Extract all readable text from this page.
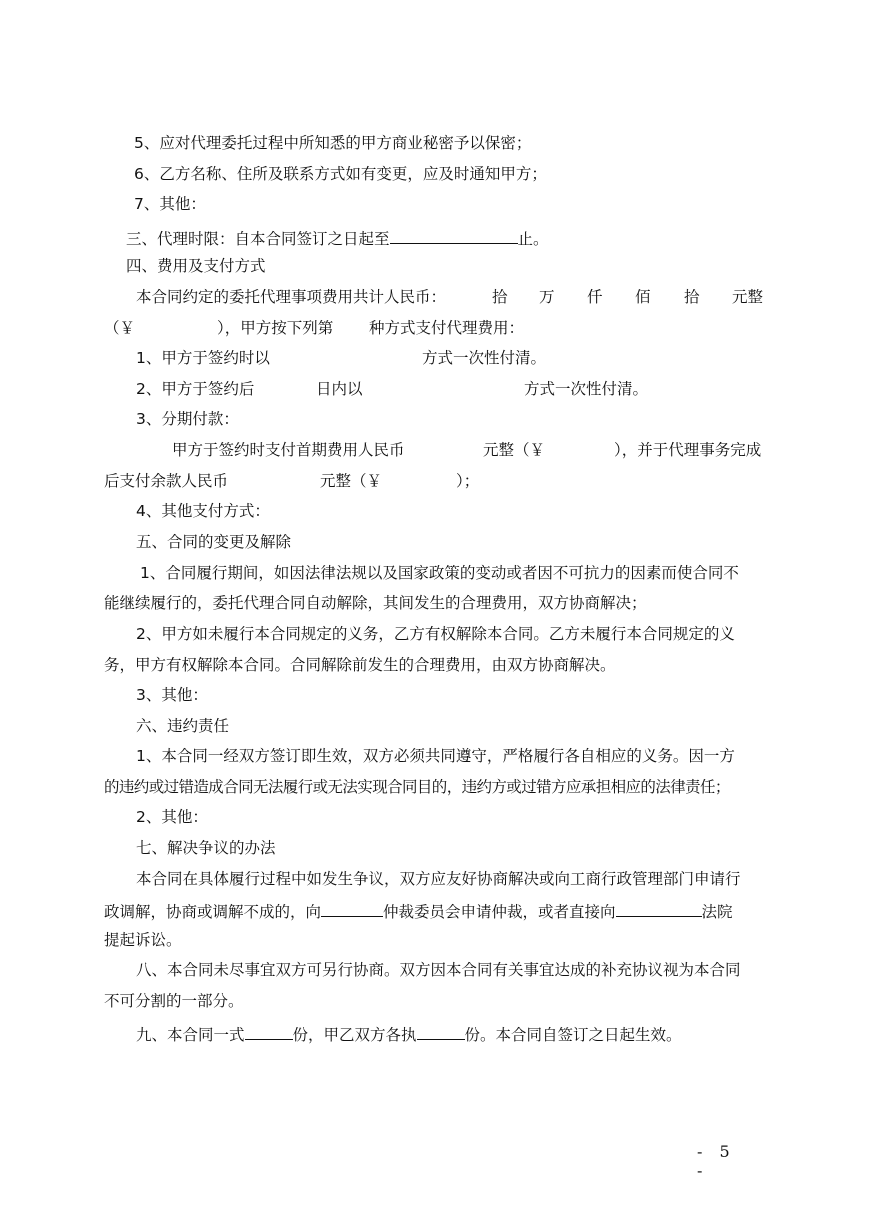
5、应对代理委托过程中所知悉的甲方商业秘密予以保密；
6、乙方名称、住所及联系方式如有变更，应及时通知甲方；
7、其他：
三、代理时限：自本合同签订之日起至	止。
四、费用及支付方式
本合同约定的委托代理事项费用共计人民币：	拾 万 仟 佰 拾 元整
（￥	），甲方按下列第 种方式支付代理费用：
1、甲方于签约时以	方式一次性付清。
2、甲方于签约后	日内以	方式一次性付清。
3、分期付款：
甲方于签约时支付首期费用人民币	元整（￥	），并于代理事务完成
后支付余款人民币	元整（￥	）；
4、其他支付方式：
五、合同的变更及解除
1、合同履行期间，如因法律法规以及国家政策的变动或者因不可抗力的因素而使合同不
能继续履行的，委托代理合同自动解除，其间发生的合理费用，双方协商解决；
2、甲方如未履行本合同规定的义务，乙方有权解除本合同。乙方未履行本合同规定的义
务，甲方有权解除本合同。合同解除前发生的合理费用，由双方协商解决。
3、其他：
六、违约责任
1、本合同一经双方签订即生效，双方必须共同遵守，严格履行各自相应的义务。因一方
的违约或过错造成合同无法履行或无法实现合同目的，违约方或过错方应承担相应的法律责任；
2、其他：
七、解决争议的办法
本合同在具体履行过程中如发生争议，双方应友好协商解决或向工商行政管理部门申请行
政调解，协商或调解不成的，向	仲裁委员会申请仲裁，或者直接向	法院
提起诉讼。
八、本合同未尽事宜双方可另行协商。双方因本合同有关事宜达成的补充协议视为本合同
不可分割的一部分。
九、本合同一式	份，甲乙双方各执	份。本合同自签订之日起生效。
- 5 -
